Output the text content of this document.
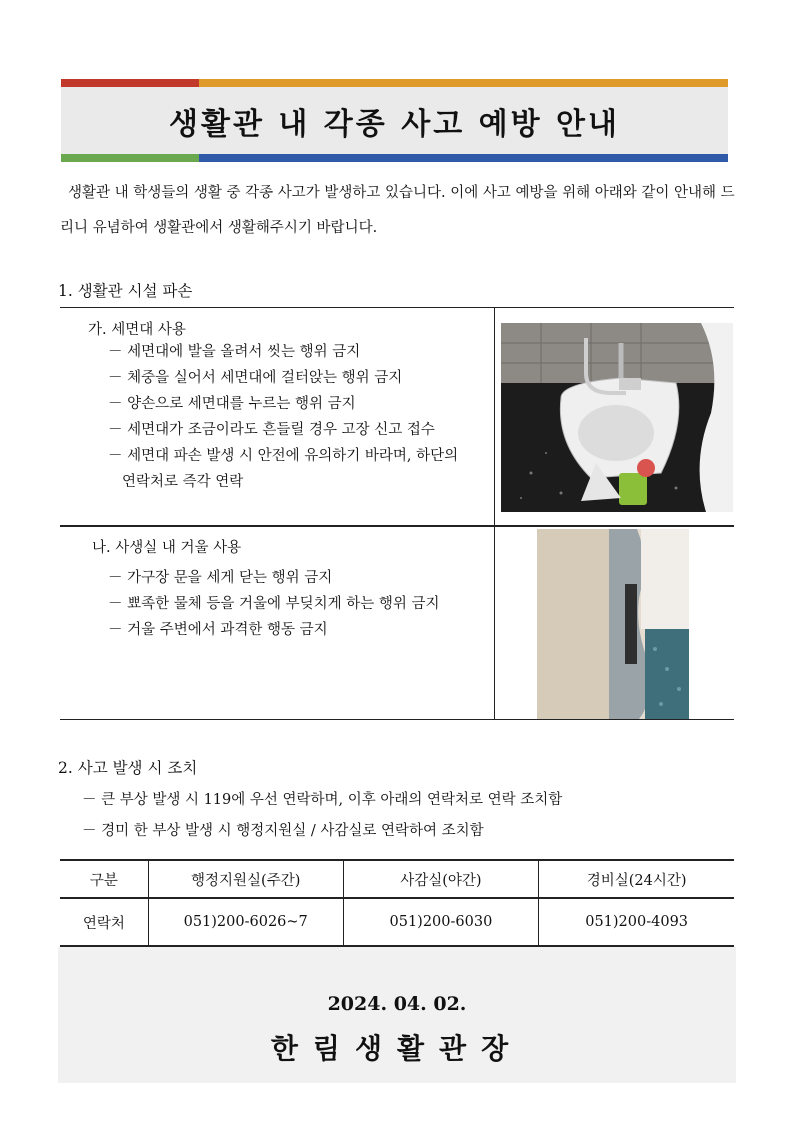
생활관 내 각종 사고 예방 안내
생활관 내 학생들의 생활 중 각종 사고가 발생하고 있습니다. 이에 사고 예방을 위해 아래와 같이 안내해 드리니 유념하여 생활관에서 생활해주시기 바랍니다.
1. 생활관 시설 파손
가. 세면대 사용
－ 세면대에 발을 올려서 씻는 행위 금지
－ 체중을 실어서 세면대에 걸터앉는 행위 금지
－ 양손으로 세면대를 누르는 행위 금지
－ 세면대가 조금이라도 흔들릴 경우 고장 신고 접수
－ 세면대 파손 발생 시 안전에 유의하기 바라며, 하단의
연락처로 즉각 연락
나. 사생실 내 거울 사용
－ 가구장 문을 세게 닫는 행위 금지
－ 뾰족한 물체 등을 거울에 부딪치게 하는 행위 금지
－ 거울 주변에서 과격한 행동 금지
2. 사고 발생 시 조치
－ 큰 부상 발생 시 119에 우선 연락하며, 이후 아래의 연락처로 연락 조치함
－ 경미 한 부상 발생 시 행정지원실 / 사감실로 연락하여 조치함
구분	행정지원실(주간)	사감실(야간)	경비실(24시간)
연락처	051)200-6026~7	051)200-6030	051)200-4093
2024. 04. 02.
한림생활관장
